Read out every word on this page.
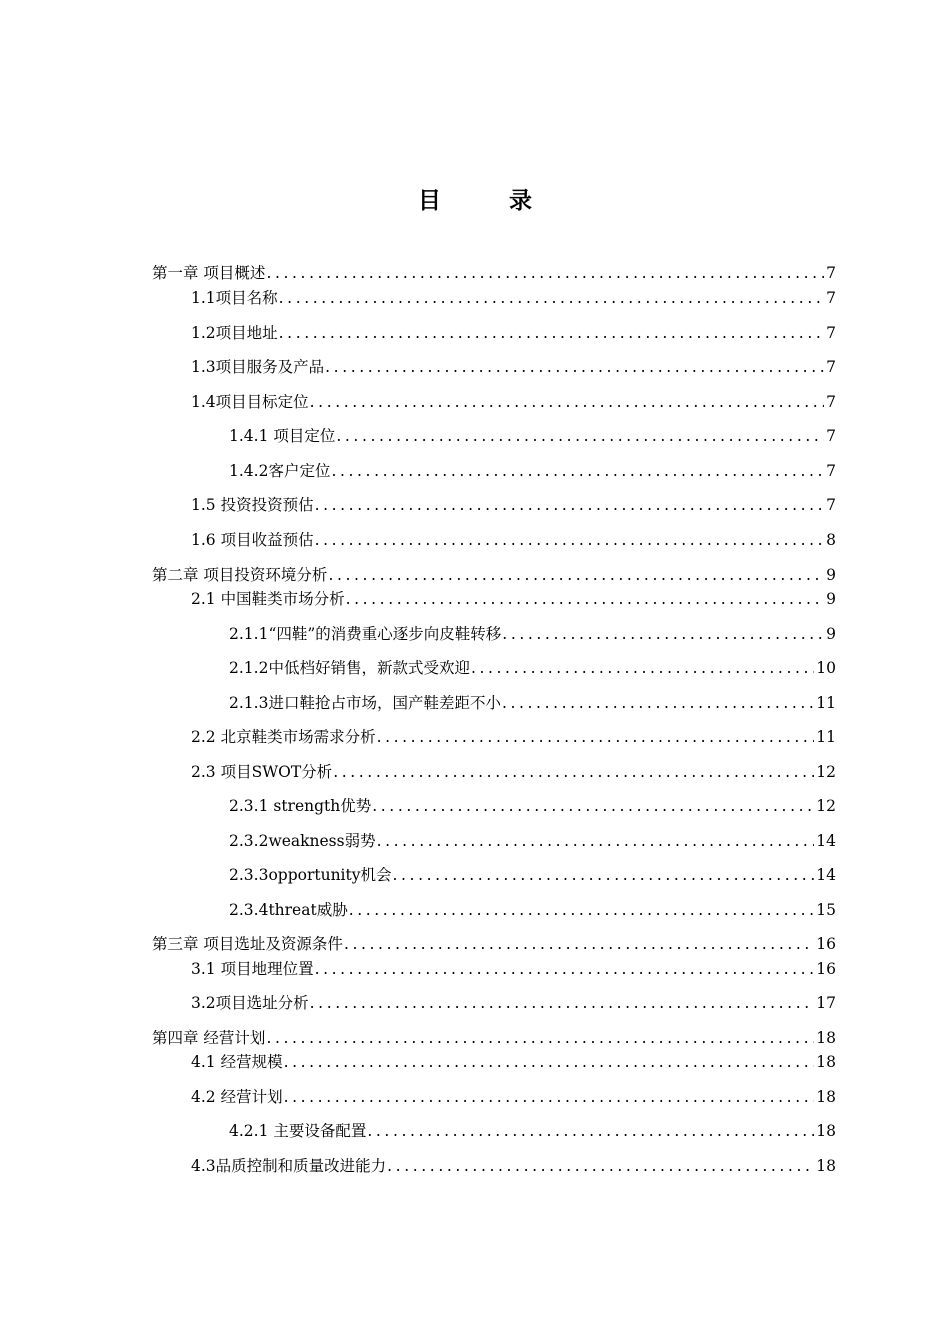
目 录
第一章 项目概述 .....	7
1.1项目名称 .....	7
1.2项目地址 .....	7
1.3项目服务及产品 .....	7
1.4项目目标定位 .....	7
1.4.1 项目定位 .....	7
1.4.2客户定位 .....	7
1.5 投资投资预估 .....	7
1.6 项目收益预估 .....	8
第二章 项目投资环境分析 .....	9
2.1 中国鞋类市场分析 .....	9
2.1.1“四鞋”的消费重心逐步向皮鞋转移 .....	9
2.1.2中低档好销售，新款式受欢迎 .....	10
2.1.3进口鞋抢占市场，国产鞋差距不小 .....	11
2.2 北京鞋类市场需求分析 .....	11
2.3 项目SWOT分析 .....	12
2.3.1 strength优势 .....	12
2.3.2weakness弱势 .....	14
2.3.3opportunity机会 .....	14
2.3.4threat威胁 .....	15
第三章 项目选址及资源条件 .....	16
3.1 项目地理位置 .....	16
3.2项目选址分析 .....	17
第四章 经营计划 .....	18
4.1 经营规模 .....	18
4.2 经营计划 .....	18
4.2.1 主要设备配置 .....	18
4.3品质控制和质量改进能力 .....	18
